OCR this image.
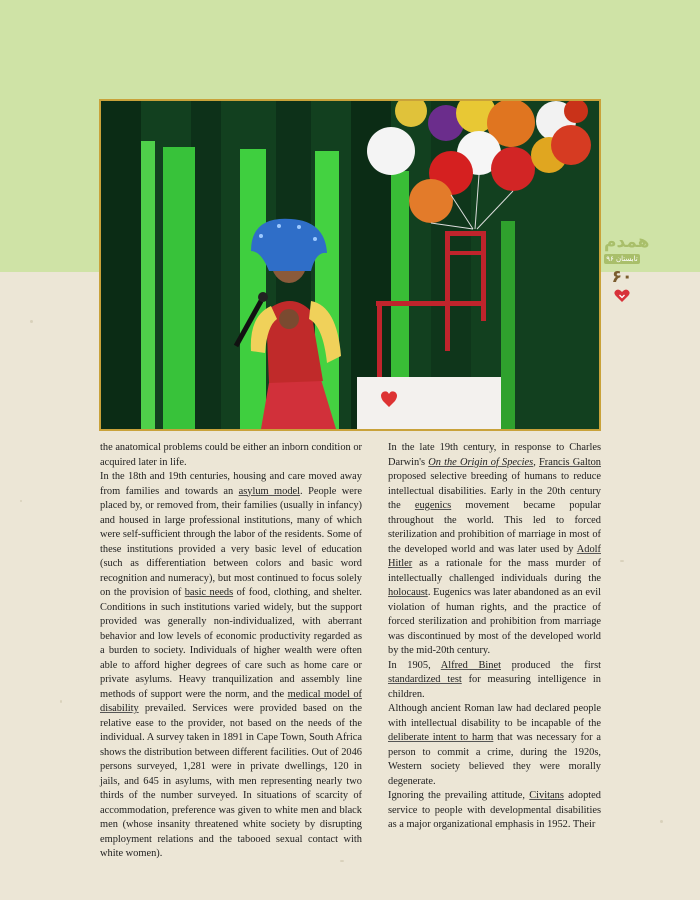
همدم
تابستان ۹۶
۶۰

the anatomical problems could be either an inborn condition or acquired later in life.

In the 18th and 19th centuries, housing and care moved away from families and towards an asylum model. People were placed by, or removed from, their families (usually in infancy) and housed in large professional institutions, many of which were self-sufficient through the labor of the residents. Some of these institutions provided a very basic level of education (such as differentiation between colors and basic word recognition and numeracy), but most continued to focus solely on the provision of basic needs of food, clothing, and shelter. Conditions in such institutions varied widely, but the support provided was generally non-individualized, with aberrant behavior and low levels of economic productivity regarded as a burden to society. Individuals of higher wealth were often able to afford higher degrees of care such as home care or private asylums. Heavy tranquilization and assembly line methods of support were the norm, and the medical model of disability prevailed. Services were provided based on the relative ease to the provider, not based on the needs of the individual. A survey taken in 1891 in Cape Town, South Africa shows the distribution between different facilities. Out of 2046 persons surveyed, 1,281 were in private dwellings, 120 in jails, and 645 in asylums, with men representing nearly two thirds of the number surveyed. In situations of scarcity of accommodation, preference was given to white men and black men (whose insanity threatened white society by disrupting employment relations and the tabooed sexual contact with white women).

In the late 19th century, in response to Charles Darwin's On the Origin of Species, Francis Galton proposed selective breeding of humans to reduce intellectual disabilities. Early in the 20th century the eugenics movement became popular throughout the world. This led to forced sterilization and prohibition of marriage in most of the developed world and was later used by Adolf Hitler as a rationale for the mass murder of intellectually challenged individuals during the holocaust. Eugenics was later abandoned as an evil violation of human rights, and the practice of forced sterilization and prohibition from marriage was discontinued by most of the developed world by the mid-20th century.

In 1905, Alfred Binet produced the first standardized test for measuring intelligence in children.

Although ancient Roman law had declared people with intellectual disability to be incapable of the deliberate intent to harm that was necessary for a person to commit a crime, during the 1920s, Western society believed they were morally degenerate.

Ignoring the prevailing attitude, Civitans adopted service to people with developmental disabilities as a major organizational emphasis in 1952. Their
